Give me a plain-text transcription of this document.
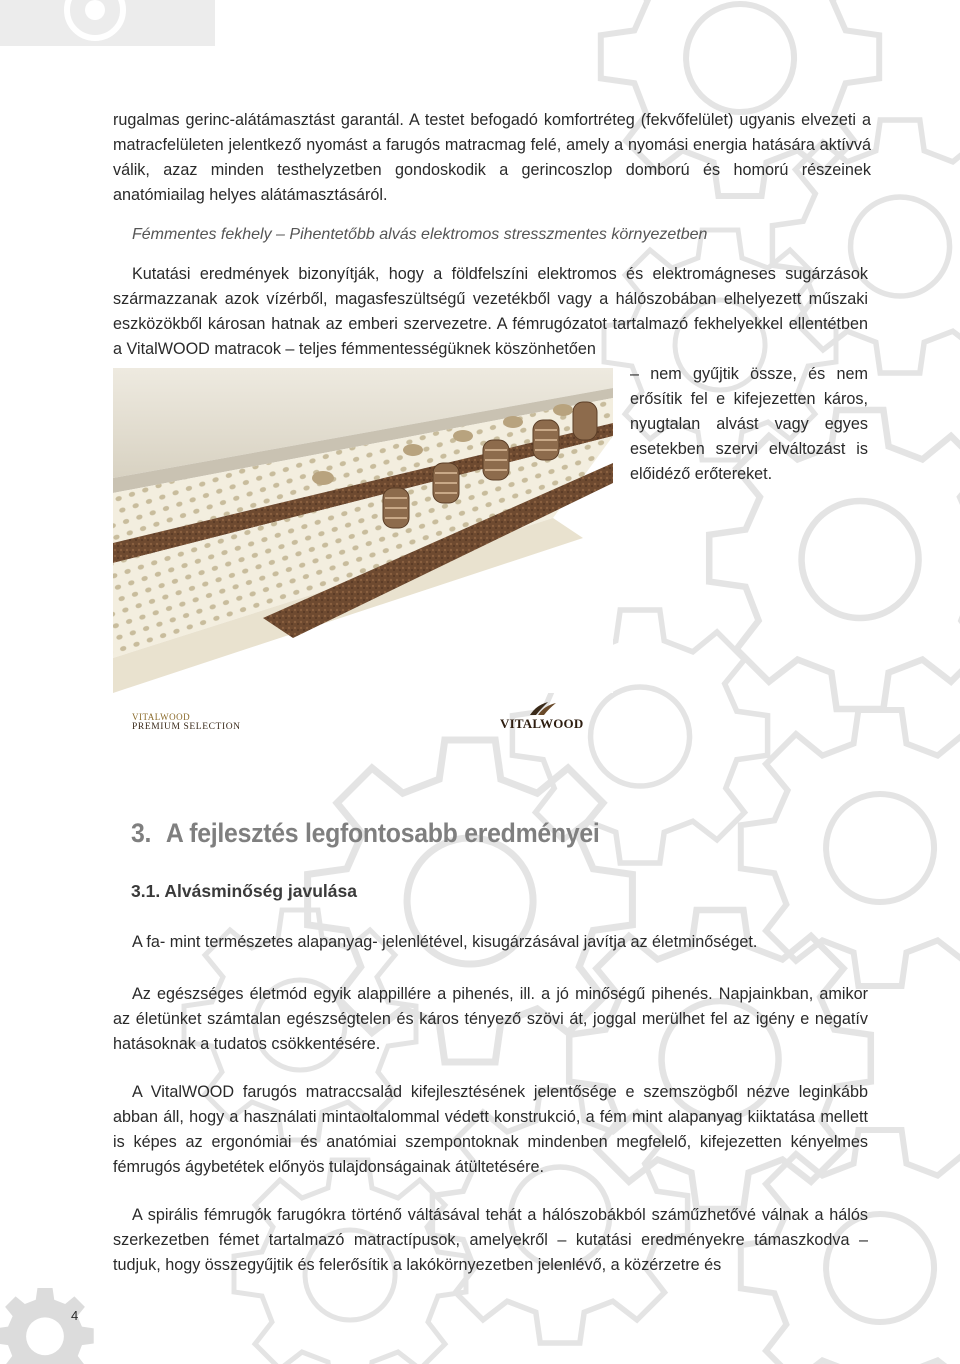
rugalmas gerinc-alátámasztást garantál. A testet befogadó komfortréteg (fekvőfelület) ugyanis elvezeti a matracfelületen jelentkező nyomást a farugós matracmag felé, amely a nyomási energia hatására aktívvá válik, azaz minden testhelyzetben gondoskodik a gerincoszlop domború és homorú részeinek anatómiailag helyes alátámasztásáról.

Fémmentes fekhely – Pihentetőbb alvás elektromos stresszmentes környezetben

Kutatási eredmények bizonyítják, hogy a földfelszíni elektromos és elektromágneses sugárzások származzanak azok vízérből, magasfeszültségű vezetékből vagy a hálószobában elhelyezett műszaki eszközökből károsan hatnak az emberi szervezetre. A fémrugózatot tartalmazó fekhelyekkel ellentétben a VitalWOOD matracok – teljes fémmentességüknek köszönhetően

– nem gyűjtik össze, és nem erősítik fel e kifejezetten káros, nyugtalan alvást vagy egyes esetekben szervi elváltozást is előidéző erőtereket.

VITALWOOD
PREMIUM SELECTION	VITALWOOD
3. A fejlesztés legfontosabb eredményei
3.1. Alvásminőség javulása

A fa- mint természetes alapanyag- jelenlétével, kisugárzásával javítja az életminőséget.

Az egészséges életmód egyik alappillére a pihenés, ill. a jó minőségű pihenés. Napjainkban, amikor az életünket számtalan egészségtelen és káros tényező szövi át, joggal merülhet fel az igény e negatív hatásoknak a tudatos csökkentésére.

A VitalWOOD farugós matraccsalád kifejlesztésének jelentősége e szemszögből nézve leginkább abban áll, hogy a használati mintaoltalommal védett konstrukció, a fém mint alapanyag kiiktatása mellett is képes az ergonómiai és anatómiai szempontoknak mindenben megfelelő, kifejezetten kényelmes fémrugós ágybetétek előnyös tulajdonságainak átültetésére.

A spirális fémrugók farugókra történő váltásával tehát a hálószobákból száműzhetővé válnak a hálós szerkezetben fémet tartalmazó matractípusok, amelyekről – kutatási eredményekre támaszkodva – tudjuk, hogy összegyűjtik és felerősítik a lakókörnyezetben jelenlévő, a közérzetre és

4
